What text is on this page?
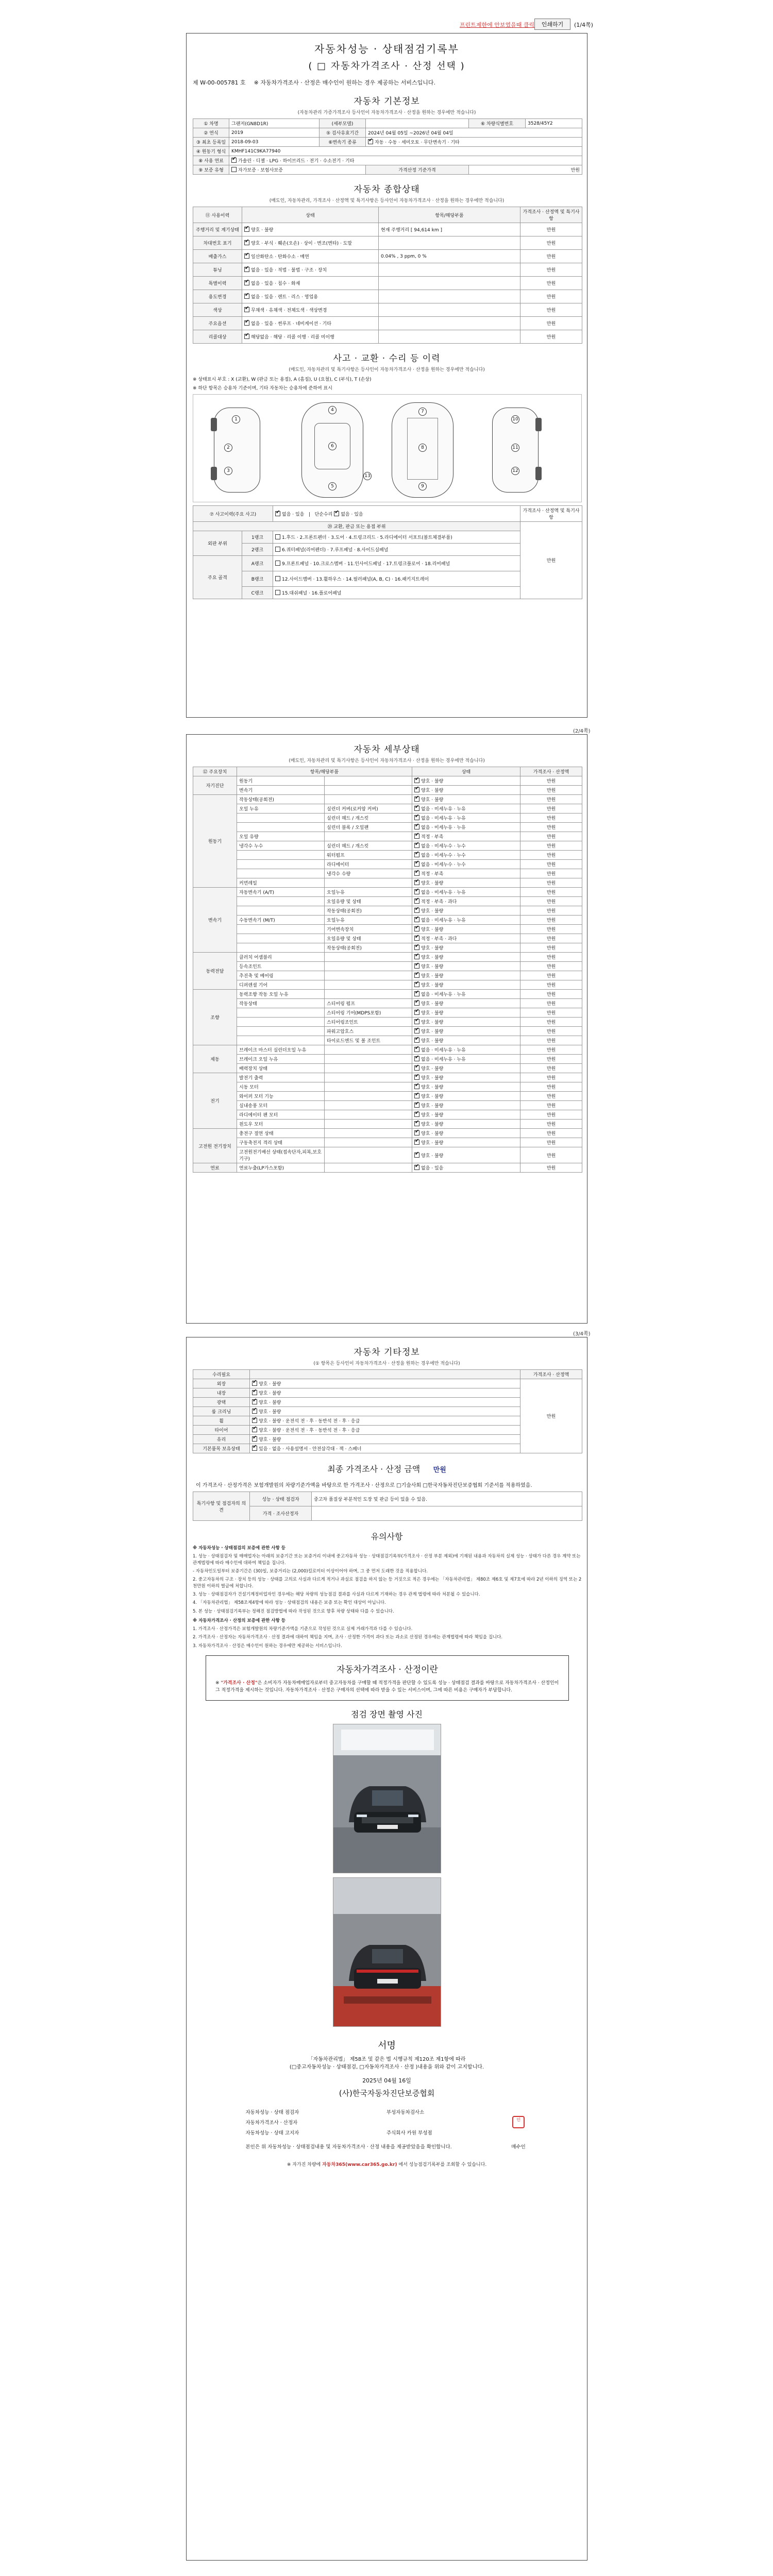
프린트제한에 안보였을때 클릭	인쇄하기	(1/4쪽)
자동차성능 · 상태점검기록부
( □ 자동차가격조사 · 산정 선택 )
제 W-00-005781 호 ※ 자동차가격조사 · 산정은 매수인이 원하는 경우 제공하는 서비스입니다.
자동차 기본정보
(자동차관리 가증가격조사 등사인이 자동차가격조사 · 산정을 원하는 경우에만 적습니다)
① 차명	그랜저(GN8D1R)	(세부모델)		⑥ 차량식별번호	3528/45Y2
② 연식	2019	⑤ 검사유효기간	2024년 04월 05일 ~2026년 04월 04일		
③ 최초 등록일	2018-09-03	⑥변속기 종류	✔자동 · 수동 · 세미오토 · 무단변속기 · 기타
④ 원동기 형식	KMHF141C9KA77940				
⑧ 사용 연료	✔가솔린 · 디젤 · LPG · 하이브리드 · 전기 · 수소전기 · 기타
⑨ 보증 유형	자가보증 · 보험사보증		가격산정 기준가격	만원	
자동차 종합상태
(매도인, 자동차관리, 가격조사 · 산정액 및 특기사항은 등사인이 자동차가격조사 · 산정을 원하는 경우에만 적습니다)
⑪ 사용이력	상태	항목/해당부품	가격조사 · 산정액 및 특기사항
주행거리 및 계기상태	✔양호 · 불량	현재 주행거리 [ 94,614 km ]	만원
차대번호 표기	✔양호 · 부식 · 훼손(오손) · 상이 · 변조(변타) · 도말		만원
배출가스	✔일산화탄소 · 탄화수소 · 매연	0.04% , 3 ppm, 0 %	만원
튜닝	✔없음 · 있음 · 적법 · 불법 · 구조 · 장치		만원
특별이력	✔없음 · 있음 · 침수 · 화재		만원
용도변경	✔없음 · 있음 · 렌트 · 리스 · 영업용		만원
색상	✔무채색 · 유채색 · 전체도색 · 색상변경		만원
주요옵션	✔없음 · 있음 · 썬루프 · 네비게이션 · 기타		만원
리콜대상	✔해당없음 · 해당 · 리콜 이행 · 리콜 미이행		만원
사고 · 교환 · 수리 등 이력
(매도인, 자동차관리 및 특기사항은 등사인이 자동차가격조사 · 산정을 원하는 경우에만 적습니다)
※ 상태표시 부호 : X (교환), W (판금 또는 용접), A (흠집), U (요철), C (부식), T (손상)
※ 하단 항목은 승용차 기준이며, 기타 자동차는 승용차에 준하여 표시
1
2
3
4
5
6
7
8
9
10
11
12
13
⑦ 사고이력(주요 사고)	✔없음 · 있음   |   단순수리 ✔ 없음 · 있음	가격조사 · 산정액 및 특기사항
⑳ 교환, 판금 또는 용접 부위			만원
외판 부위	1랭크	1.후드 · 2.프론트펜더 · 3.도어 · 4.트렁크리드 · 5.라디에이터 서포트(볼트체결부품)	
	2랭크	6.쿼터패널(리어펜더) · 7.루프패널 · 8.사이드실패널	
주요 골격	A랭크	9.프론트패널 · 10.크로스멤버 · 11.인사이드패널 · 17.트렁크플로어 · 18.리어패널	
	B랭크	12.사이드멤버 · 13.휠하우스 · 14.필러패널(A, B, C) · 16.패키지트레이	
	C랭크	15.대쉬패널 · 16.플로어패널	
(2/4쪽)
자동차 세부상태
(매도인, 자동차관리 및 특기사항은 등사인이 자동차가격조사 · 산정을 원하는 경우에만 적습니다)
⑫ 주요장치	항목/해당부품		상태	가격조사 · 산정액
자기진단	원동기		✔양호 · 불량	만원
	변속기		✔양호 · 불량	만원
원동기	작동상태(공회전)		✔양호 · 불량	만원
	오일 누유	실린더 커버(로커암 커버)	✔없음 · 미세누유 · 누유	만원
		실린더 헤드 / 개스킷	✔없음 · 미세누유 · 누유	만원
		실린더 블록 / 오일팬	✔없음 · 미세누유 · 누유	만원
	오일 유량		✔적정 · 부족	만원
	냉각수 누수	실린더 헤드 / 개스킷	✔없음 · 미세누수 · 누수	만원
		워터펌프	✔없음 · 미세누수 · 누수	만원
		라디에이터	✔없음 · 미세누수 · 누수	만원
		냉각수 수량	✔적정 · 부족	만원
	커먼레일		✔양호 · 불량	만원
변속기	자동변속기 (A/T)	오일누유	✔없음 · 미세누유 · 누유	만원
		오일유량 및 상태	✔적정 · 부족 · 과다	만원
		작동상태(공회전)	✔양호 · 불량	만원
	수동변속기 (M/T)	오일누유	✔없음 · 미세누유 · 누유	만원
		기어변속장치	✔양호 · 불량	만원
		오일유량 및 상태	✔적정 · 부족 · 과다	만원
		작동상태(공회전)	✔양호 · 불량	만원
동력전달	클러치 어셈블리		✔양호 · 불량	만원
	등속조인트		✔양호 · 불량	만원
	추진축 및 베어링		✔양호 · 불량	만원
	디퍼렌셜 기어		✔양호 · 불량	만원
조향	동력조향 작동 오일 누유		✔없음 · 미세누유 · 누유	만원
	작동상태	스티어링 펌프	✔양호 · 불량	만원
		스티어링 기어(MDPS포함)	✔양호 · 불량	만원
		스티어링조인트	✔양호 · 불량	만원
		파워고압호스	✔양호 · 불량	만원
		타이로드엔드 및 볼 조인트	✔양호 · 불량	만원
제동	브레이크 마스터 실린더오일 누유		✔없음 · 미세누유 · 누유	만원
	브레이크 오일 누유		✔없음 · 미세누유 · 누유	만원
	배력장치 상태		✔양호 · 불량	만원
전기	발전기 출력		✔양호 · 불량	만원
	시동 모터		✔양호 · 불량	만원
	와이퍼 모터 기능		✔양호 · 불량	만원
	실내송풍 모터		✔양호 · 불량	만원
	라디에이터 팬 모터		✔양호 · 불량	만원
	윈도우 모터		✔양호 · 불량	만원
고전원 전기장치	충전구 절연 상태		✔양호 · 불량	만원
	구동축전지 격리 상태		✔양호 · 불량	만원
	고전원전기배선 상태(접속단자,피복,보호기구)		✔양호 · 불량	만원
연료	연료누출(LP가스포함)		✔없음 · 있음	만원
(3/4쪽)
자동차 기타정보
(① 항목은 등사인이 자동차가격조사 · 산정을 원하는 경우에만 적습니다)
수리필요		가격조사 · 산정액
외장	✔양호 · 불량	만원
내장	✔양호 · 불량
광택	✔양호 · 불량
룸 크리닝	✔양호 · 불량
휠	✔양호 · 불량 · 운전석 전 · 후 · 동반석 전 · 후 · 응급
타이어	✔양호 · 불량 · 운전석 전 · 후 · 동반석 전 · 후 · 응급
유리	✔양호 · 불량
기본품목 보유상태	✔있음 · 없음 · 사용설명서 · 안전삼각대 · 잭 · 스패너
최종 가격조사 · 산정 금액 만원
이 가격조사 · 산정가격은 보험개발원의 차량기준가액을 바탕으로 한 가격조사 · 산정으로 □기술사회 □한국자동차진단보증협회 기준서를 적용하였음.
특기사항 및 점검자의 의견	성능 · 상태 점검자	중고차 품질상 부분적인 도장 및 판금 등이 있을 수 있음.
	가격 · 조사산정자	
유의사항

※ 자동차성능 · 상태점검의 보증에 관한 사항 등

1. 성능 · 상태점검자 및 매매업자는 아래의 보증기간 또는 보증거리 이내에 중고자동차 성능 · 상태점검기록부(가격조사 · 산정 부분 제외)에 기재된 내용과 자동차의 실제 성능 · 상태가 다른 경우 계약 또는 관계법령에 따라 매수인에 대하여 책임을 집니다.

- 자동차인도일부터 보증기간은 (30)일, 보증거리는 (2,000)킬로미터 이상이어야 하며, 그 중 먼저 도래한 것을 적용합니다.

2. 중고자동차의 구조 · 장치 등의 성능 · 상태를 고의로 사실과 다르게 적거나 과실로 점검을 하지 않는 등 거짓으로 적은 경우에는 「자동차관리법」 제80조 제6호 및 제7호에 따라 2년 이하의 징역 또는 2천만원 이하의 벌금에 처합니다.

3. 성능 · 상태점검자가 건설기계정비업자인 경우에는 해당 차량의 성능점검 결과를 사실과 다르게 기재하는 경우 관계 법령에 따라 처분될 수 있습니다.

4. 「자동차관리법」 제58조제4항에 따라 성능 · 상태점검의 내용은 보증 또는 확인 대상이 아닙니다.

5. 본 성능 · 상태점검기록부는 정해진 점검방법에 따라 작성된 것으로 향후 차량 상태와 다를 수 있습니다.

※ 자동차가격조사 · 산정의 보증에 관한 사항 등

1. 가격조사 · 산정가격은 보험개발원의 차량기준가액을 기준으로 작성된 것으로 실제 거래가격과 다를 수 있습니다.

2. 가격조사 · 산정자는 자동차가격조사 · 산정 결과에 대하여 책임을 지며, 조사 · 산정한 가격이 과다 또는 과소로 산정된 경우에는 관계법령에 따라 책임을 집니다.

3. 자동차가격조사 · 산정은 매수인이 원하는 경우에만 제공하는 서비스입니다.

자동차가격조사 · 산정이란
※ "가격조사 · 산정"은 소비자가 자동차매매업자로부터 중고자동차를 구매할 때 적정가격을 판단할 수 있도록 성능 · 상태점검 결과를 바탕으로 자동차가격조사 · 산정인이 그 적정가격을 제시하는 것입니다. 자동차가격조사 · 산정은 구매자의 선택에 따라 받을 수 있는 서비스이며, 그에 따른 비용은 구매자가 부담합니다.
점검 장면 촬영 사진
서명
「자동차관리법」 제58조 및 같은 법 시행규칙 제120조 제1항에 따라
(□중고자동차성능 · 상태점검, □자동차가격조사 · 산정 )내용을 위와 같이 고지합니다.
2025년 04월 16일
(사)한국자동차진단보증협회
자동차성능 · 상태 점검자	부성자동차검사소	인
자동차가격조사 · 산정자		
자동차성능 · 상태 고지자	주식회사 카원 부성점	
본인은 위 자동차성능 · 상태점검내용 및 자동차가격조사 · 산정 내용을 제공받았음을 확인합니다.		매수인
※ 자가진 차량에 자동차365(www.car365.go.kr) 에서 성능점검기록부를 조회할 수 있습니다.
